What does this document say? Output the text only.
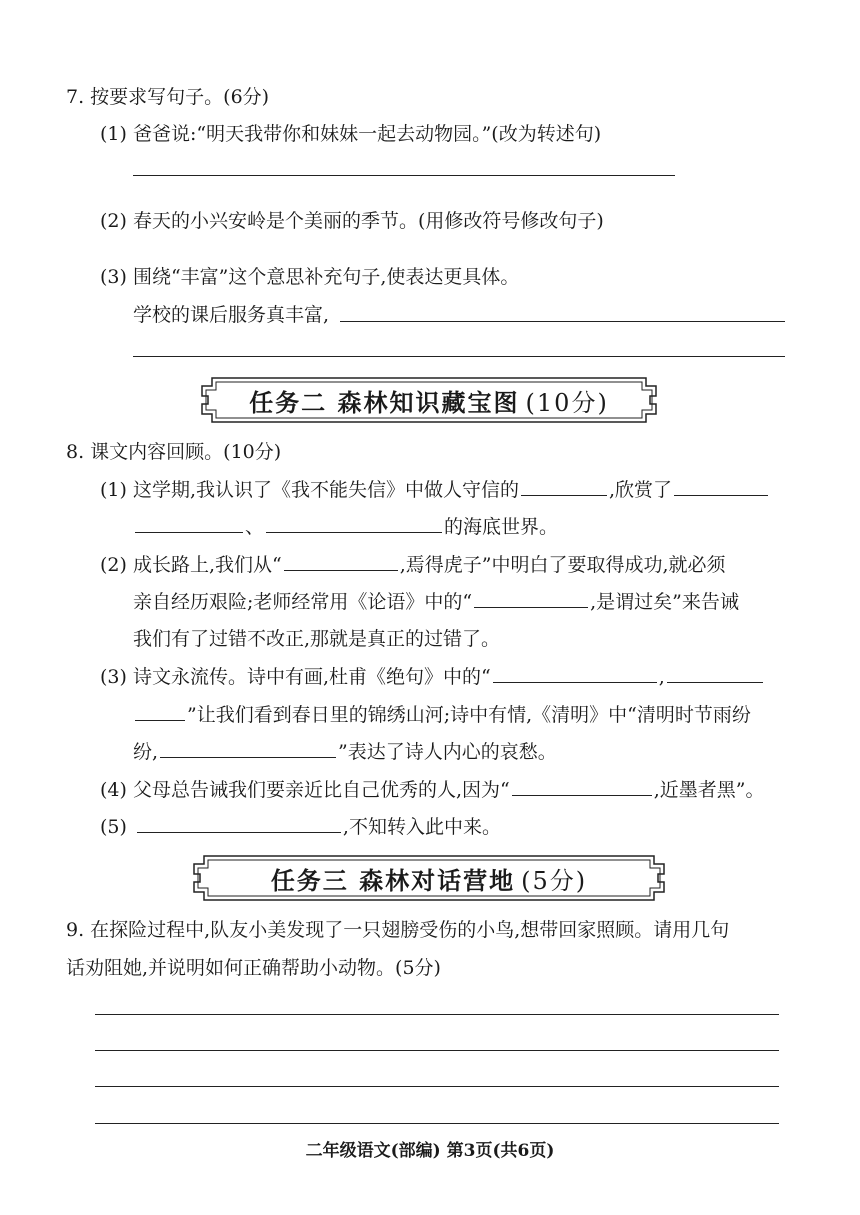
7. 按要求写句子。(6分)
(1) 爸爸说:“明天我带你和妹妹一起去动物园。”(改为转述句)
(2) 春天的小兴安岭是个美丽的季节。(用修改符号修改句子)
(3) 围绕“丰富”这个意思补充句子,使表达更具体。
学校的课后服务真丰富,
任务二 森林知识藏宝图 (10分)
8. 课文内容回顾。(10分)
(1) 这学期,我认识了《我不能失信》中做人守信的	,欣赏了
、	的海底世界。
(2) 成长路上,我们从“	,焉得虎子”中明白了要取得成功,就必须
亲自经历艰险;老师经常用《论语》中的“	,是谓过矣”来告诫
我们有了过错不改正,那就是真正的过错了。
(3) 诗文永流传。诗中有画,杜甫《绝句》中的“	,
”让我们看到春日里的锦绣山河;诗中有情,《清明》中“清明时节雨纷
纷,	”表达了诗人内心的哀愁。
(4) 父母总告诫我们要亲近比自己优秀的人,因为“	,近墨者黑”。
(5)	,不知转入此中来。
任务三 森林对话营地 (5分)
9. 在探险过程中,队友小美发现了一只翅膀受伤的小鸟,想带回家照顾。请用几句
话劝阻她,并说明如何正确帮助小动物。(5分)
二年级语文(部编) 第3页(共6页)
